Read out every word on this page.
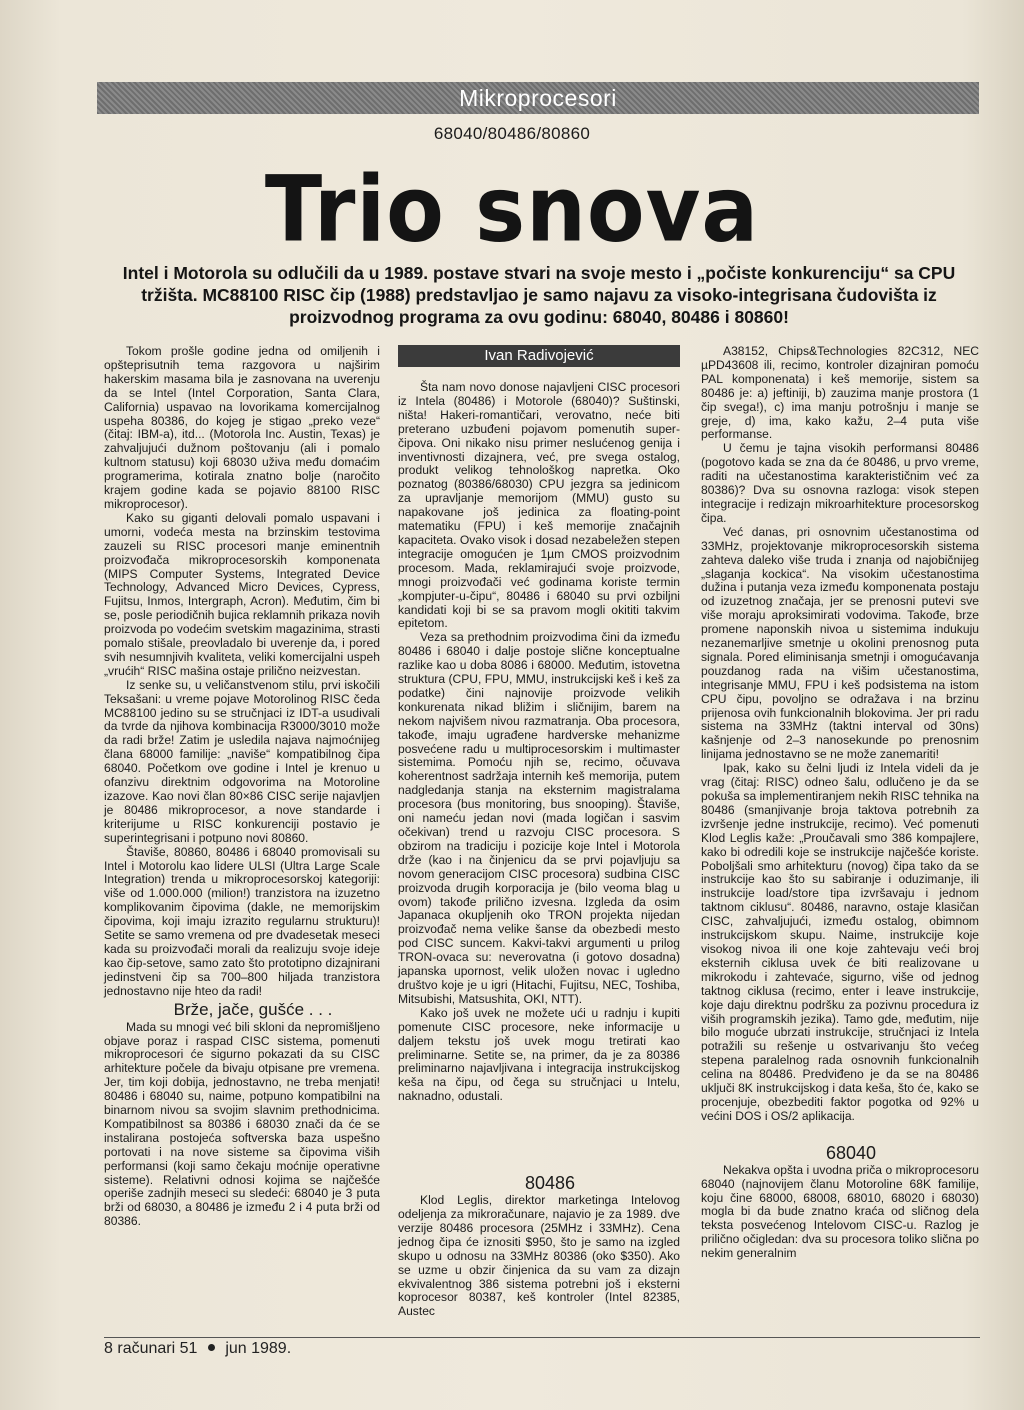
Mikroprocesori
68040/80486/80860
Trio snova
Intel i Motorola su odlučili da u 1989. postave stvari na svoje mesto i „počiste konkurenciju“ sa CPU tržišta. MC88100 RISC čip (1988) predstavljao je samo najavu za visoko-integrisana čudovišta iz proizvodnog programa za ovu godinu: 68040, 80486 i 80860!

Tokom prošle godine jedna od omiljenih i opšteprisutnih tema razgovora u najširim hakerskim masama bila je zasnovana na uverenju da se Intel (Intel Corporation, Santa Clara, California) uspavao na lovorikama komercijalnog uspeha 80386, do kojeg je stigao „preko veze“ (čitaj: IBM-a), itd... (Motorola Inc. Austin, Texas) je zahvaljujući dužnom poštovanju (ali i pomalo kultnom statusu) koji 68030 uživa među domaćim programerima, kotirala znatno bolje (naročito krajem godine kada se pojavio 88100 RISC mikroprocesor).

Kako su giganti delovali pomalo uspavani i umorni, vodeća mesta na brzinskim testovima zauzeli su RISC procesori manje eminentnih proizvođača mikroprocesorskih komponenata (MIPS Computer Systems, Integrated Device Technology, Advanced Micro Devices, Cypress, Fujitsu, Inmos, Intergraph, Acron). Međutim, čim bi se, posle periodičnih bujica reklamnih prikaza novih proizvoda po vodećim svetskim magazinima, strasti pomalo stišale, preovladalo bi uverenje da, i pored svih nesumnjivih kvaliteta, veliki komercijalni uspeh „vrućih“ RISC mašina ostaje prilično neizvestan.

Iz senke su, u veličanstvenom stilu, prvi iskočili Teksašani: u vreme pojave Motorolinog RISC čeda MC88100 jedino su se stručnjaci iz IDT-a usudivali da tvrde da njihova kombinacija R3000/3010 može da radi brže! Zatim je usledila najava najmoćnijeg člana 68000 familije: „naviše“ kompatibilnog čipa 68040. Početkom ove godine i Intel je krenuo u ofanzivu direktnim odgovorima na Motoroline izazove. Kao novi član 80×86 CISC serije najavljen je 80486 mikroprocesor, a nove standarde i kriterijume u RISC konkurenciji postavio je superintegrisani i potpuno novi 80860.

Štaviše, 80860, 80486 i 68040 promovisali su Intel i Motorolu kao lidere ULSI (Ultra Large Scale Integration) trenda u mikroprocesorskoj kategoriji: više od 1.000.000 (milion!) tranzistora na izuzetno komplikovanim čipovima (dakle, ne memorijskim čipovima, koji imaju izrazito regularnu strukturu)! Setite se samo vremena od pre dvadesetak meseci kada su proizvođači morali da realizuju svoje ideje kao čip-setove, samo zato što prototipno dizajnirani jedinstveni čip sa 700–800 hiljada tranzistora jednostavno nije hteo da radi!

Brže, jače, gušće . . .

Mada su mnogi već bili skloni da nepromišljeno objave poraz i raspad CISC sistema, pomenuti mikroprocesori će sigurno pokazati da su CISC arhitekture počele da bivaju otpisane pre vremena. Jer, tim koji dobija, jednostavno, ne treba menjati! 80486 i 68040 su, naime, potpuno kompatibilni na binarnom nivou sa svojim slavnim prethodnicima. Kompatibilnost sa 80386 i 68030 znači da će se instalirana postojeća softverska baza uspešno portovati i na nove sisteme sa čipovima viših performansi (koji samo čekaju moćnije operativne sisteme). Relativni odnosi kojima se najčešće operiše zadnjih meseci su sledeći: 68040 je 3 puta brži od 68030, a 80486 je između 2 i 4 puta brži od 80386.

Ivan Radivojević

Šta nam novo donose najavljeni CISC procesori iz Intela (80486) i Motorole (68040)? Suštinski, ništa! Hakeri-romantičari, verovatno, neće biti preterano uzbuđeni pojavom pomenutih super-čipova. Oni nikako nisu primer neslućenog genija i inventivnosti dizajnera, već, pre svega ostalog, produkt velikog tehnološkog napretka. Oko poznatog (80386/68030) CPU jezgra sa jedinicom za upravljanje memorijom (MMU) gusto su napakovane još jedinica za floating-point matematiku (FPU) i keš memorije značajnih kapaciteta. Ovako visok i dosad nezabeležen stepen integracije omogućen je 1µm CMOS proizvodnim procesom. Mada, reklamirajući svoje proizvode, mnogi proizvođači već godinama koriste termin „kompjuter-u-čipu“, 80486 i 68040 su prvi ozbiljni kandidati koji bi se sa pravom mogli okititi takvim epitetom.

Veza sa prethodnim proizvodima čini da između 80486 i 68040 i dalje postoje slične konceptualne razlike kao u doba 8086 i 68000. Međutim, istovetna struktura (CPU, FPU, MMU, instrukcijski keš i keš za podatke) čini najnovije proizvode velikih konkurenata nikad bližim i sličnijim, barem na nekom najvišem nivou razmatranja. Oba procesora, takođe, imaju ugrađene hardverske mehanizme posvećene radu u multiprocesorskim i multimaster sistemima. Pomoću njih se, recimo, očuvava koherentnost sadržaja internih keš memorija, putem nadgledanja stanja na eksternim magistralama procesora (bus monitoring, bus snooping). Štaviše, oni nameću jedan novi (mada logičan i sasvim očekivan) trend u razvoju CISC procesora. S obzirom na tradiciju i pozicije koje Intel i Motorola drže (kao i na činjenicu da se prvi pojavljuju sa novom generacijom CISC procesora) sudbina CISC proizvoda drugih korporacija je (bilo veoma blag u ovom) takođe prilično izvesna. Izgleda da osim Japanaca okupljenih oko TRON projekta nijedan proizvođač nema velike šanse da obezbedi mesto pod CISC suncem. Kakvi-takvi argumenti u prilog TRON-ovaca su: neverovatna (i gotovo dosadna) japanska upornost, velik uložen novac i ugledno društvo koje je u igri (Hitachi, Fujitsu, NEC, Toshiba, Mitsubishi, Matsushita, OKI, NTT).

Kako još uvek ne možete ući u radnju i kupiti pomenute CISC procesore, neke informacije u daljem tekstu još uvek mogu tretirati kao preliminarne. Setite se, na primer, da je za 80386 preliminarno najavljivana i integracija instrukcijskog keša na čipu, od čega su stručnjaci u Intelu, naknadno, odustali.

80486

Klod Leglis, direktor marketinga Intelovog odeljenja za mikroračunare, najavio je za 1989. dve verzije 80486 procesora (25MHz i 33MHz). Cena jednog čipa će iznositi $950, što je samo na izgled skupo u odnosu na 33MHz 80386 (oko $350). Ako se uzme u obzir činjenica da su vam za dizajn ekvivalentnog 386 sistema potrebni još i eksterni koprocesor 80387, keš kontroler (Intel 82385, Austec

A38152, Chips&Technologies 82C312, NEC µPD43608 ili, recimo, kontroler dizajniran pomoću PAL komponenata) i keš memorije, sistem sa 80486 je: a) jeftiniji, b) zauzima manje prostora (1 čip svega!), c) ima manju potrošnju i manje se greje, d) ima, kako kažu, 2–4 puta više performanse.

U čemu je tajna visokih performansi 80486 (pogotovo kada se zna da će 80486, u prvo vreme, raditi na učestanostima karakterističnim već za 80386)? Dva su osnovna razloga: visok stepen integracije i redizajn mikroarhitekture procesorskog čipa.

Već danas, pri osnovnim učestanostima od 33MHz, projektovanje mikroprocesorskih sistema zahteva daleko više truda i znanja od najobičnijeg „slaganja kockica“. Na visokim učestanostima dužina i putanja veza između komponenata postaju od izuzetnog značaja, jer se prenosni putevi sve više moraju aproksimirati vodovima. Takođe, brze promene naponskih nivoa u sistemima indukuju nezanemarljive smetnje u okolini prenosnog puta signala. Pored eliminisanja smetnji i omogućavanja pouzdanog rada na višim učestanostima, integrisanje MMU, FPU i keš podsistema na istom CPU čipu, povoljno se odražava i na brzinu prijenosa ovih funkcionalnih blokovima. Jer pri radu sistema na 33MHz (taktni interval od 30ns) kašnjenje od 2–3 nanosekunde po prenosnim linijama jednostavno se ne može zanemariti!

Ipak, kako su čelni ljudi iz Intela videli da je vrag (čitaj: RISC) odneo šalu, odlučeno je da se pokuša sa implementiranjem nekih RISC tehnika na 80486 (smanjivanje broja taktova potrebnih za izvršenje jedne instrukcije, recimo). Već pomenuti Klod Leglis kaže: „Proučavali smo 386 kompajlere, kako bi odredili koje se instrukcije najčešće koriste. Poboljšali smo arhitekturu (novog) čipa tako da se instrukcije kao što su sabiranje i oduzimanje, ili instrukcije load/store tipa izvršavaju i jednom taktnom ciklusu“. 80486, naravno, ostaje klasičan CISC, zahvaljujući, između ostalog, obimnom instrukcijskom skupu. Naime, instrukcije koje visokog nivoa ili one koje zahtevaju veći broj eksternih ciklusa uvek će biti realizovane u mikrokodu i zahtevaće, sigurno, više od jednog taktnog ciklusa (recimo, enter i leave instrukcije, koje daju direktnu podršku za pozivnu procedura iz viših programskih jezika). Tamo gde, međutim, nije bilo moguće ubrzati instrukcije, stručnjaci iz Intela potražili su rešenje u ostvarivanju što većeg stepena paralelnog rada osnovnih funkcionalnih celina na 80486. Predviđeno je da se na 80486 uključi 8K instrukcijskog i data keša, što će, kako se procenjuje, obezbediti faktor pogotka od 92% u većini DOS i OS/2 aplikacija.

68040

Nekakva opšta i uvodna priča o mikroprocesoru 68040 (najnovijem članu Motoroline 68K familije, koju čine 68000, 68008, 68010, 68020 i 68030) mogla bi da bude znatno kraća od sličnog dela teksta posvećenog Intelovom CISC-u. Razlog je prilično očigledan: dva su procesora toliko slična po nekim generalnim

8 računari 51 jun 1989.
